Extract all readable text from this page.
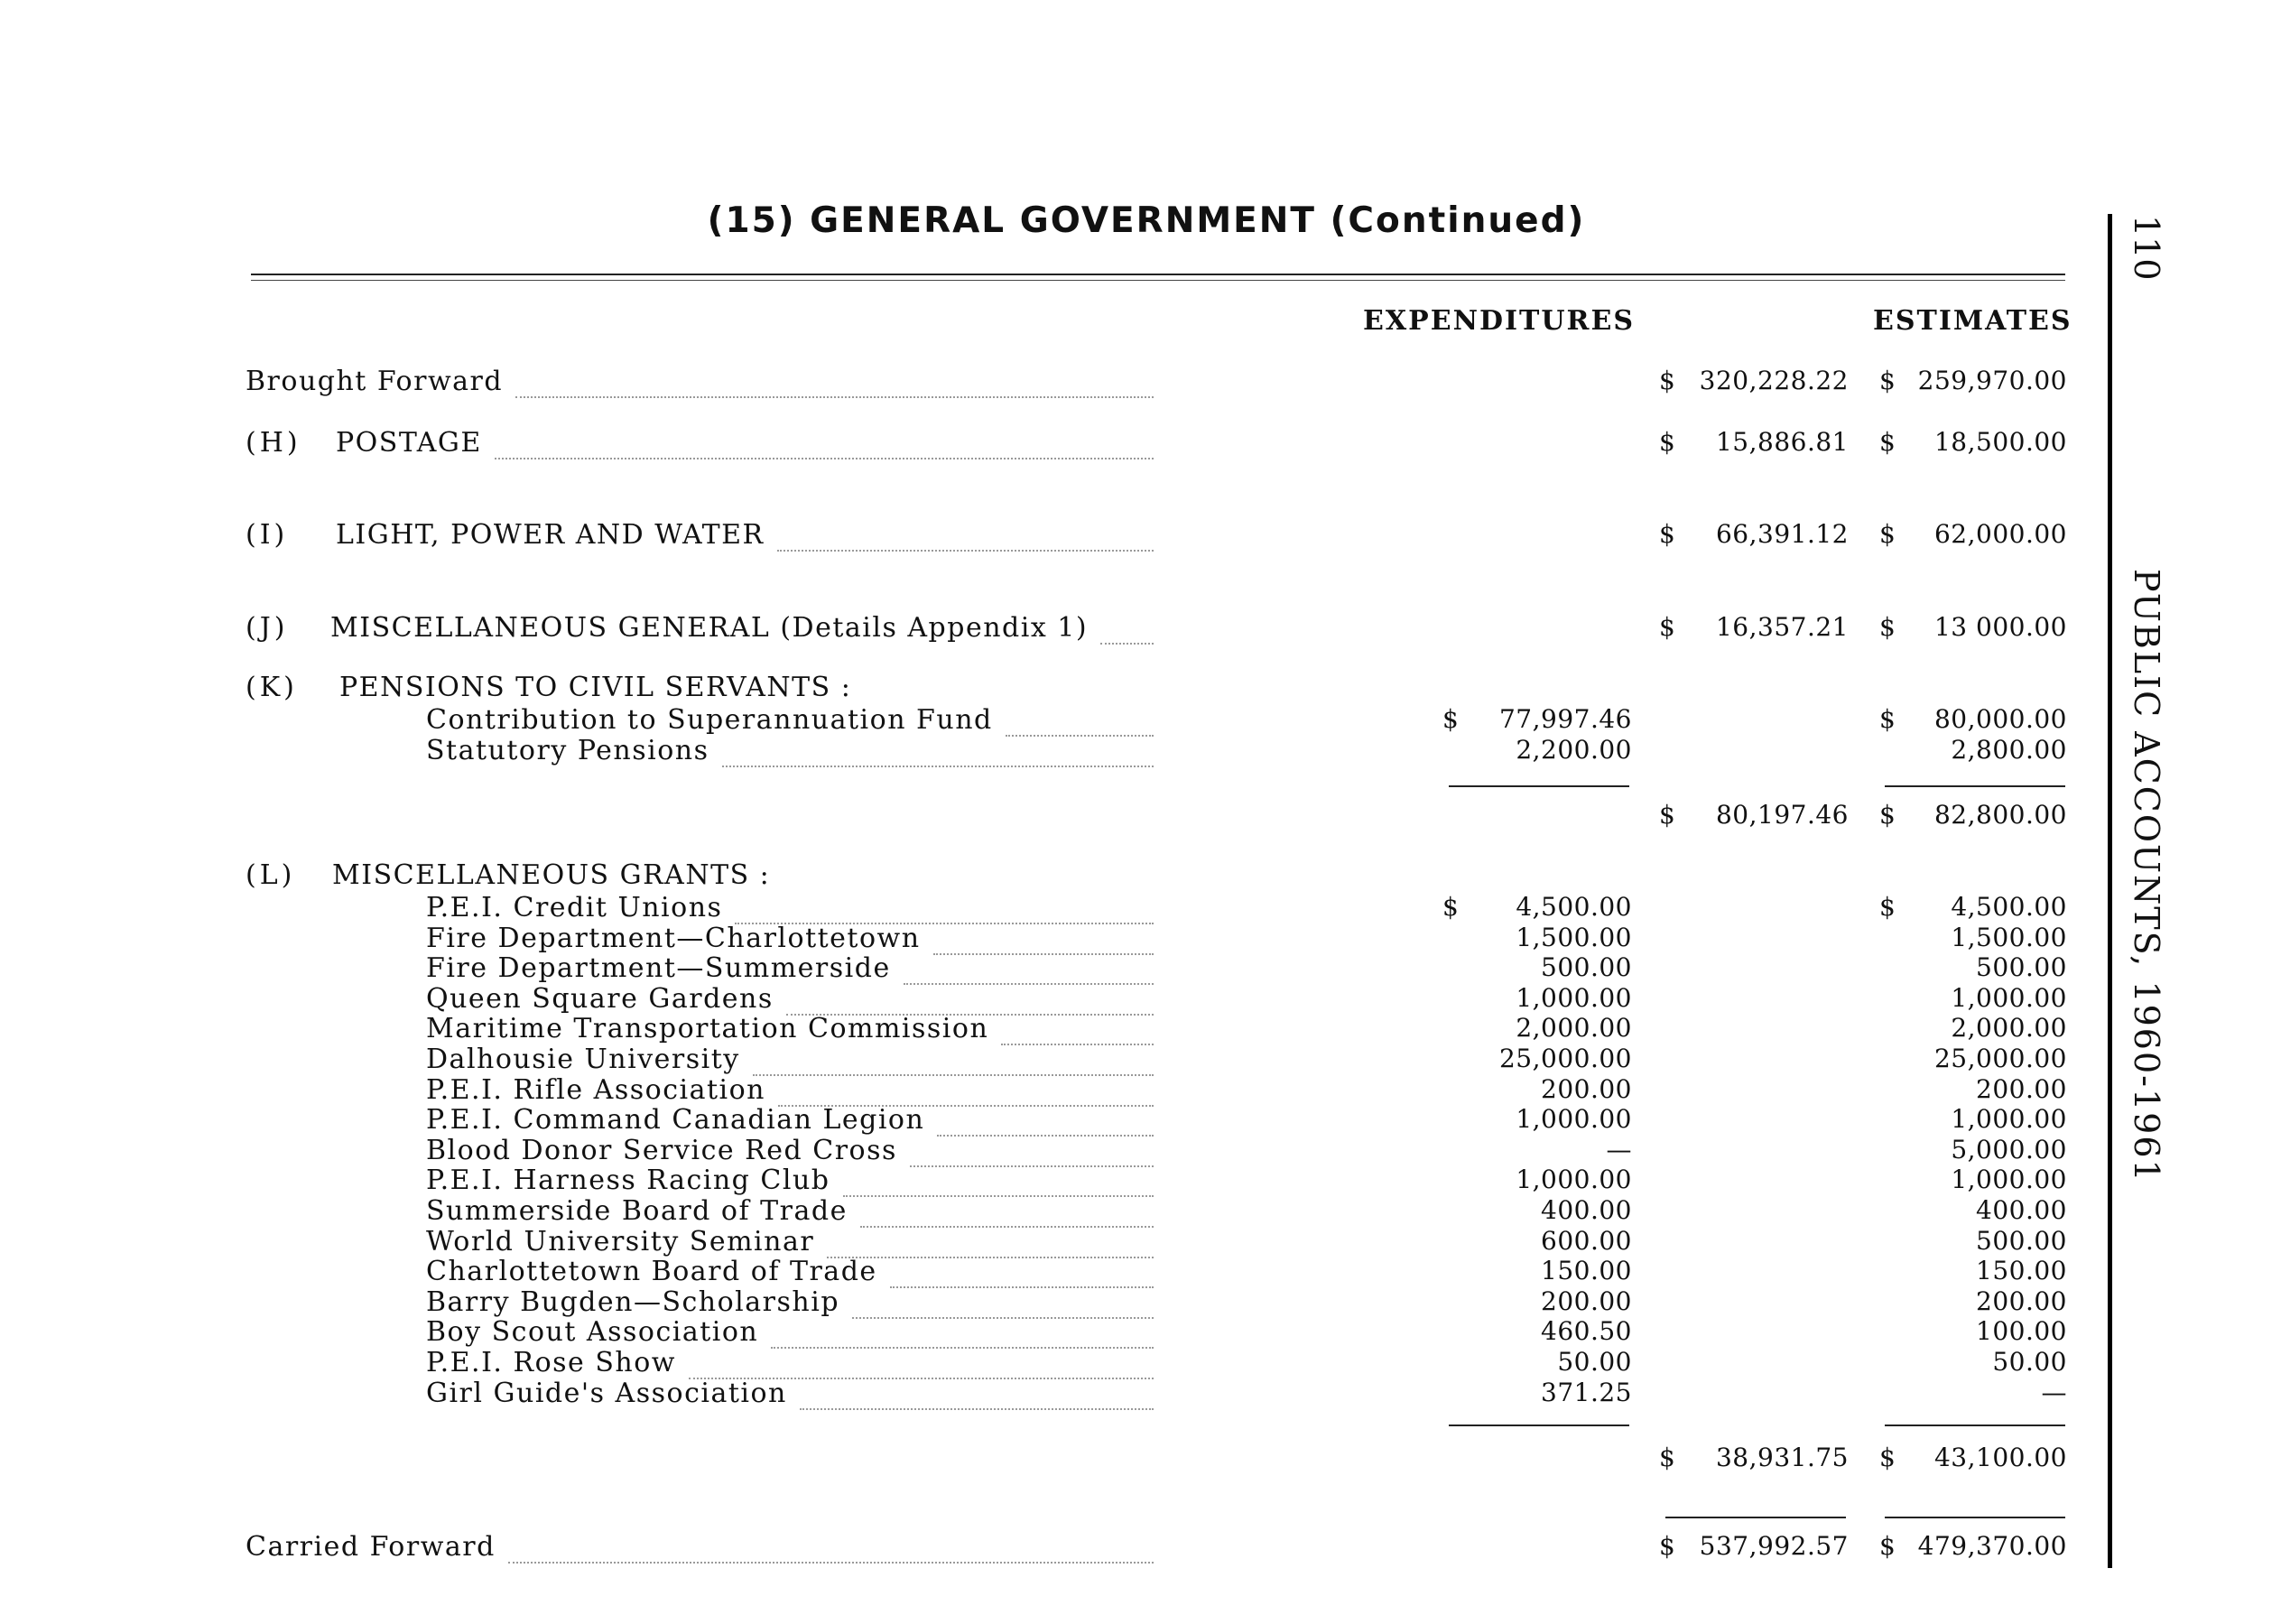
(15) GENERAL GOVERNMENT (Continued)	110
PUBLIC ACCOUNTS, 1960-1961
EXPENDITURES	ESTIMATES
Brought Forward	$ 320,228.22 $ 259,970.00
(H) POSTAGE	$	15,886.81 $	18,500.00
(I) LIGHT, POWER AND WATER	$	66,391.12 $	62,000.00
(J) MISCELLANEOUS GENERAL (Details Appendix 1)	$	16,357.21 $	13 000.00
(K) PENSIONS TO CIVIL SERVANTS :
Contribution to Superannuation Fund	$	77,997.46	$	80,000.00
Statutory Pensions	2,200.00	2,800.00
$	80,197.46 $	82,800.00
(L) MISCELLANEOUS GRANTS :
P.E.I. Credit Unions	$	4,500.00	$	4,500.00
Fire Department—Charlottetown	1,500.00	1,500.00
Fire Department—Summerside	500.00	500.00
Queen Square Gardens	1,000.00	1,000.00
Maritime Transportation Commission	2,000.00	2,000.00
Dalhousie University	25,000.00	25,000.00
P.E.I. Rifle Association	200.00	200.00
P.E.I. Command Canadian Legion	1,000.00	1,000.00
Blood Donor Service Red Cross	—	5,000.00
P.E.I. Harness Racing Club	1,000.00	1,000.00
Summerside Board of Trade	400.00	400.00
World University Seminar	600.00	500.00
Charlottetown Board of Trade	150.00	150.00
Barry Bugden—Scholarship	200.00	200.00
Boy Scout Association	460.50	100.00
P.E.I. Rose Show	50.00	50.00
Girl Guide's Association	371.25	—
$	38,931.75 $	43,100.00
Carried Forward	$ 537,992.57 $ 479,370.00
